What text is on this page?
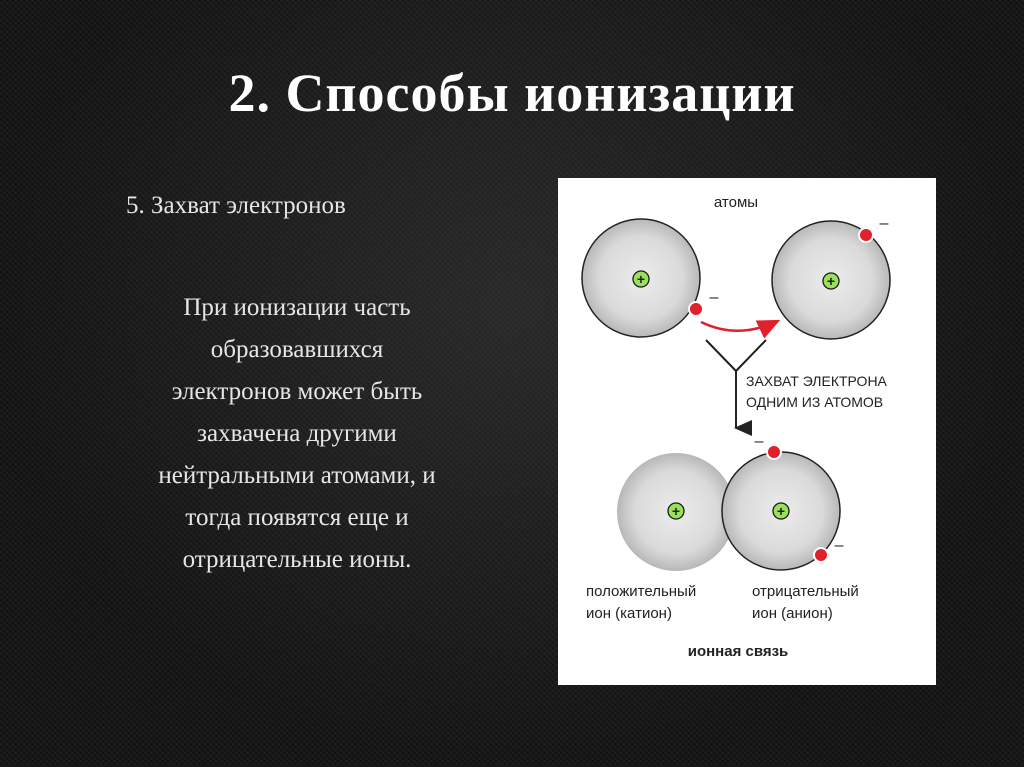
2. Способы ионизации

5. Захват электронов

При ионизации часть
образовавшихся
электронов может быть
захвачена другими
нейтральными атомами, и
тогда появятся еще и
отрицательные ионы.

атомы
+
–
+
–
ЗАХВАТ ЭЛЕКТРОНА
ОДНИМ ИЗ АТОМОВ
+	+
–
–
положительный
ион (катион)
отрицательный
ион (анион)
ионная связь
